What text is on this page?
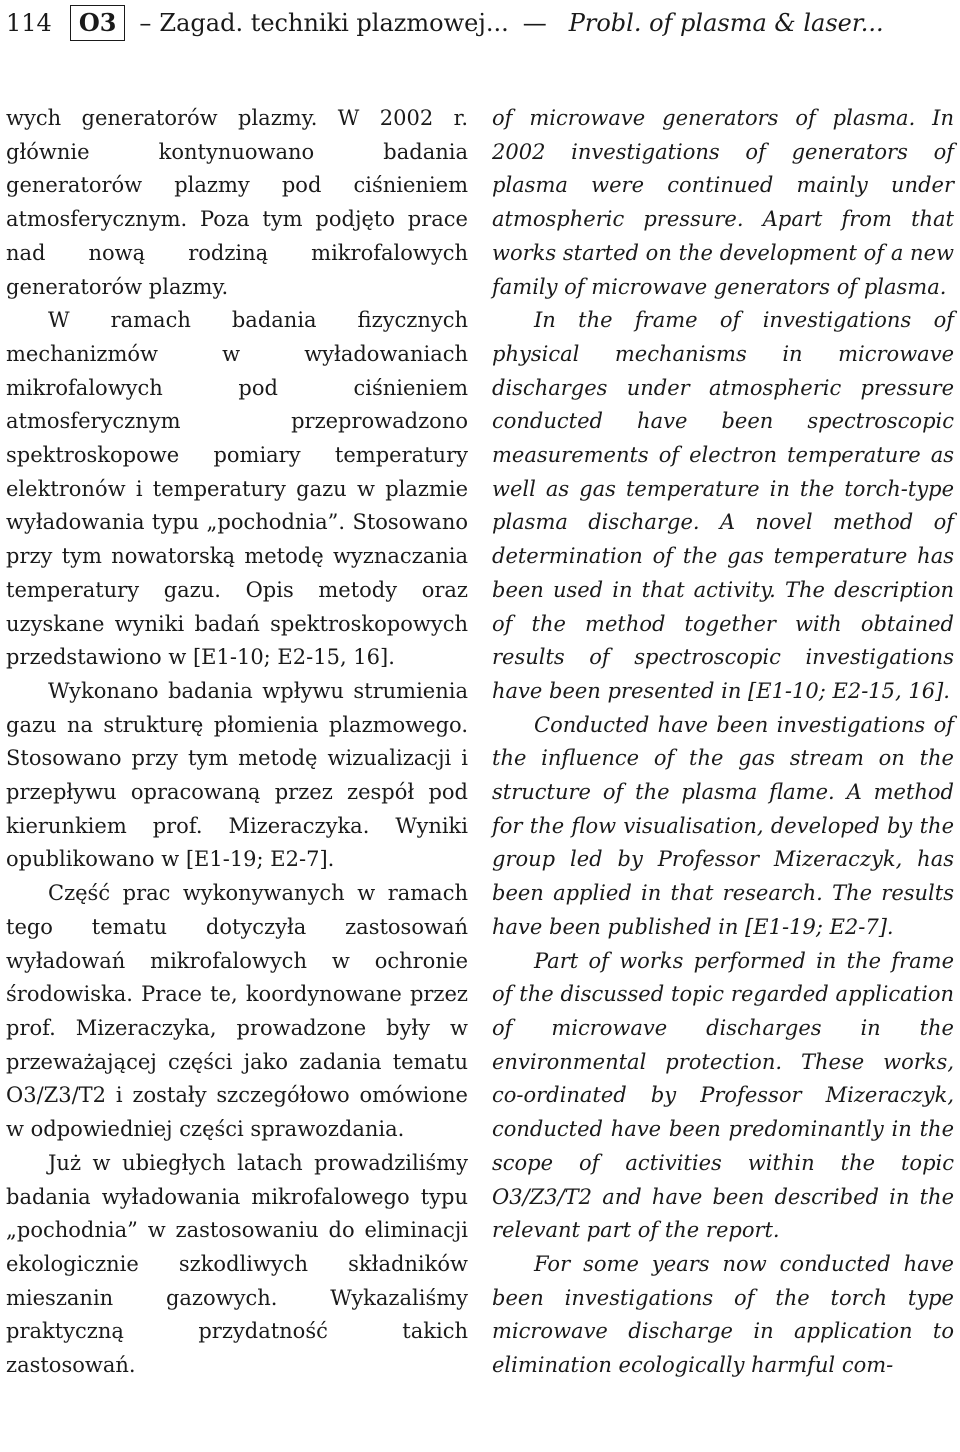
114	O3 – Zagad. techniki plazmowej... — Probl. of plasma & laser...

wych generatorów plazmy. W 2002 r. głównie kontynuowano badania generatorów plazmy pod ciśnieniem atmosferycznym. Poza tym podjęto prace nad nową rodziną mikrofalowych generatorów plazmy.

W ramach badania fizycznych mechanizmów w wyładowaniach mikrofalowych pod ciśnieniem atmosferycznym przeprowadzono spektroskopowe pomiary temperatury elektronów i temperatury gazu w plazmie wyładowania typu „pochodnia”. Stosowano przy tym nowatorską metodę wyznaczania temperatury gazu. Opis metody oraz uzyskane wyniki badań spektroskopowych przedstawiono w [E1-10; E2-15, 16].

Wykonano badania wpływu strumienia gazu na strukturę płomienia plazmowego. Stosowano przy tym metodę wizualizacji i przepływu opracowaną przez zespół pod kierunkiem prof. Mizeraczyka. Wyniki opublikowano w [E1-19; E2-7].

Część prac wykonywanych w ramach tego tematu dotyczyła zastosowań wyładowań mikrofalowych w ochronie środowiska. Prace te, koordynowane przez prof. Mizeraczyka, prowadzone były w przeważającej części jako zadania tematu O3/Z3/T2 i zostały szczegółowo omówione w odpowiedniej części sprawozdania.

Już w ubiegłych latach prowadziliśmy badania wyładowania mikrofalowego typu „pochodnia” w zastosowaniu do eliminacji ekologicznie szkodliwych składników mieszanin gazowych. Wykazaliśmy praktyczną przydatność takich zastosowań.

of microwave generators of plasma. In 2002 investigations of generators of plasma were continued mainly under atmospheric pressure. Apart from that works started on the development of a new family of microwave generators of plasma.

In the frame of investigations of physical mechanisms in microwave discharges under atmospheric pressure conducted have been spectroscopic measurements of electron temperature as well as gas temperature in the torch-type plasma discharge. A novel method of determination of the gas temperature has been used in that activity. The description of the method together with obtained results of spectroscopic investigations have been presented in [E1-10; E2-15, 16].

Conducted have been investigations of the influence of the gas stream on the structure of the plasma flame. A method for the flow visualisation, developed by the group led by Professor Mizeraczyk, has been applied in that research. The results have been published in [E1-19; E2-7].

Part of works performed in the frame of the discussed topic regarded application of microwave discharges in the environmental protection. These works, co-ordinated by Professor Mizeraczyk, conducted have been predominantly in the scope of activities within the topic O3/Z3/T2 and have been described in the relevant part of the report.

For some years now conducted have been investigations of the torch type microwave discharge in application to elimination ecologically harmful com-
